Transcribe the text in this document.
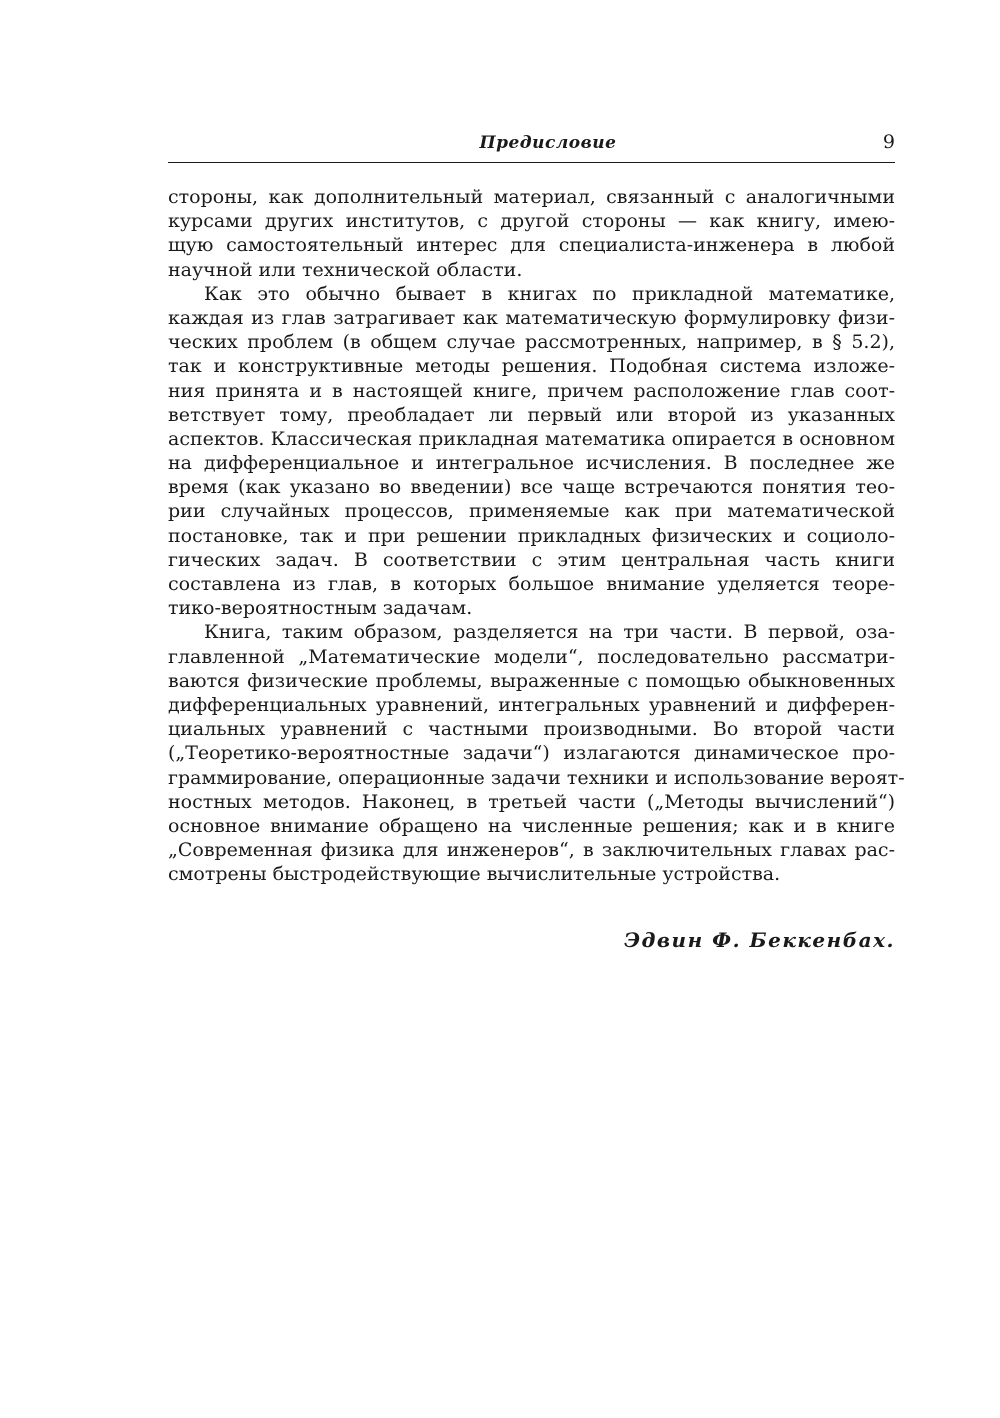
Предисловие	9
стороны, как дополнительный материал, связанный с аналогичными
курсами других институтов, с другой стороны — как книгу, имею-
щую самостоятельный интерес для специалиста-инженера в любой
научной или технической области.
Как это обычно бывает в книгах по прикладной математике,
каждая из глав затрагивает как математическую формулировку физи-
ческих проблем (в общем случае рассмотренных, например, в § 5.2),
так и конструктивные методы решения. Подобная система изложе-
ния принята и в настоящей книге, причем расположение глав соот-
ветствует тому, преобладает ли первый или второй из указанных
аспектов. Классическая прикладная математика опирается в основном
на дифференциальное и интегральное исчисления. В последнее же
время (как указано во введении) все чаще встречаются понятия тео-
рии случайных процессов, применяемые как при математической
постановке, так и при решении прикладных физических и социоло-
гических задач. В соответствии с этим центральная часть книги
составлена из глав, в которых большое внимание уделяется теоре-
тико-вероятностным задачам.
Книга, таким образом, разделяется на три части. В первой, оза-
главленной „Математические модели“, последовательно рассматри-
ваются физические проблемы, выраженные с помощью обыкновенных
дифференциальных уравнений, интегральных уравнений и дифферен-
циальных уравнений с частными производными. Во второй части
(„Теоретико-вероятностные задачи“) излагаются динамическое про-
граммирование, операционные задачи техники и использование вероят-
ностных методов. Наконец, в третьей части („Методы вычислений“)
основное внимание обращено на численные решения; как и в книге
„Современная физика для инженеров“, в заключительных главах рас-
смотрены быстродействующие вычислительные устройства.
Эдвин Ф. Беккенбах.
